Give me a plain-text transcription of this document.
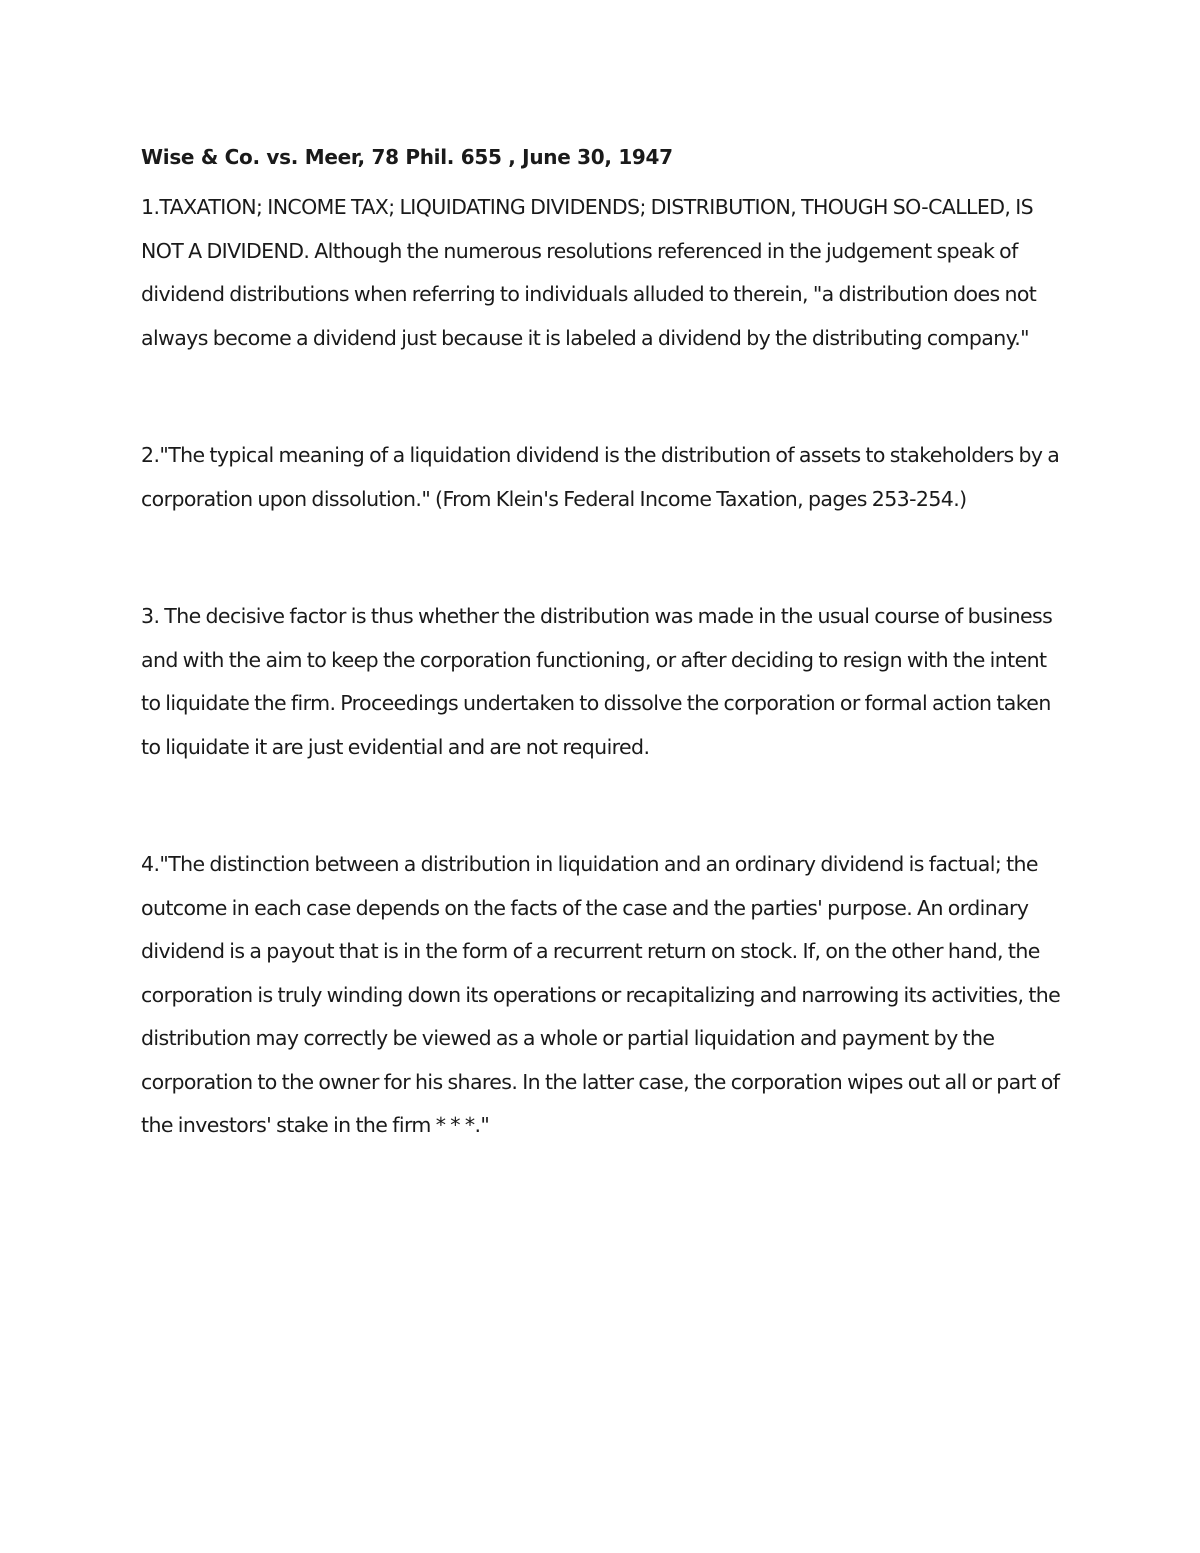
Wise & Co. vs. Meer, 78 Phil. 655 , June 30, 1947

1.TAXATION; INCOME TAX; LIQUIDATING DIVIDENDS; DISTRIBUTION, THOUGH SO-CALLED, IS NOT A DIVIDEND. Although the numerous resolutions referenced in the judgement speak of dividend distributions when referring to individuals alluded to therein, "a distribution does not always become a dividend just because it is labeled a dividend by the distributing company."

2."The typical meaning of a liquidation dividend is the distribution of assets to stakeholders by a corporation upon dissolution." (From Klein's Federal Income Taxation, pages 253-254.)

3. The decisive factor is thus whether the distribution was made in the usual course of business and with the aim to keep the corporation functioning, or after deciding to resign with the intent to liquidate the firm. Proceedings undertaken to dissolve the corporation or formal action taken to liquidate it are just evidential and are not required.

4."The distinction between a distribution in liquidation and an ordinary dividend is factual; the outcome in each case depends on the facts of the case and the parties' purpose. An ordinary dividend is a payout that is in the form of a recurrent return on stock. If, on the other hand, the corporation is truly winding down its operations or recapitalizing and narrowing its activities, the distribution may correctly be viewed as a whole or partial liquidation and payment by the corporation to the owner for his shares. In the latter case, the corporation wipes out all or part of the investors' stake in the firm * * *."
